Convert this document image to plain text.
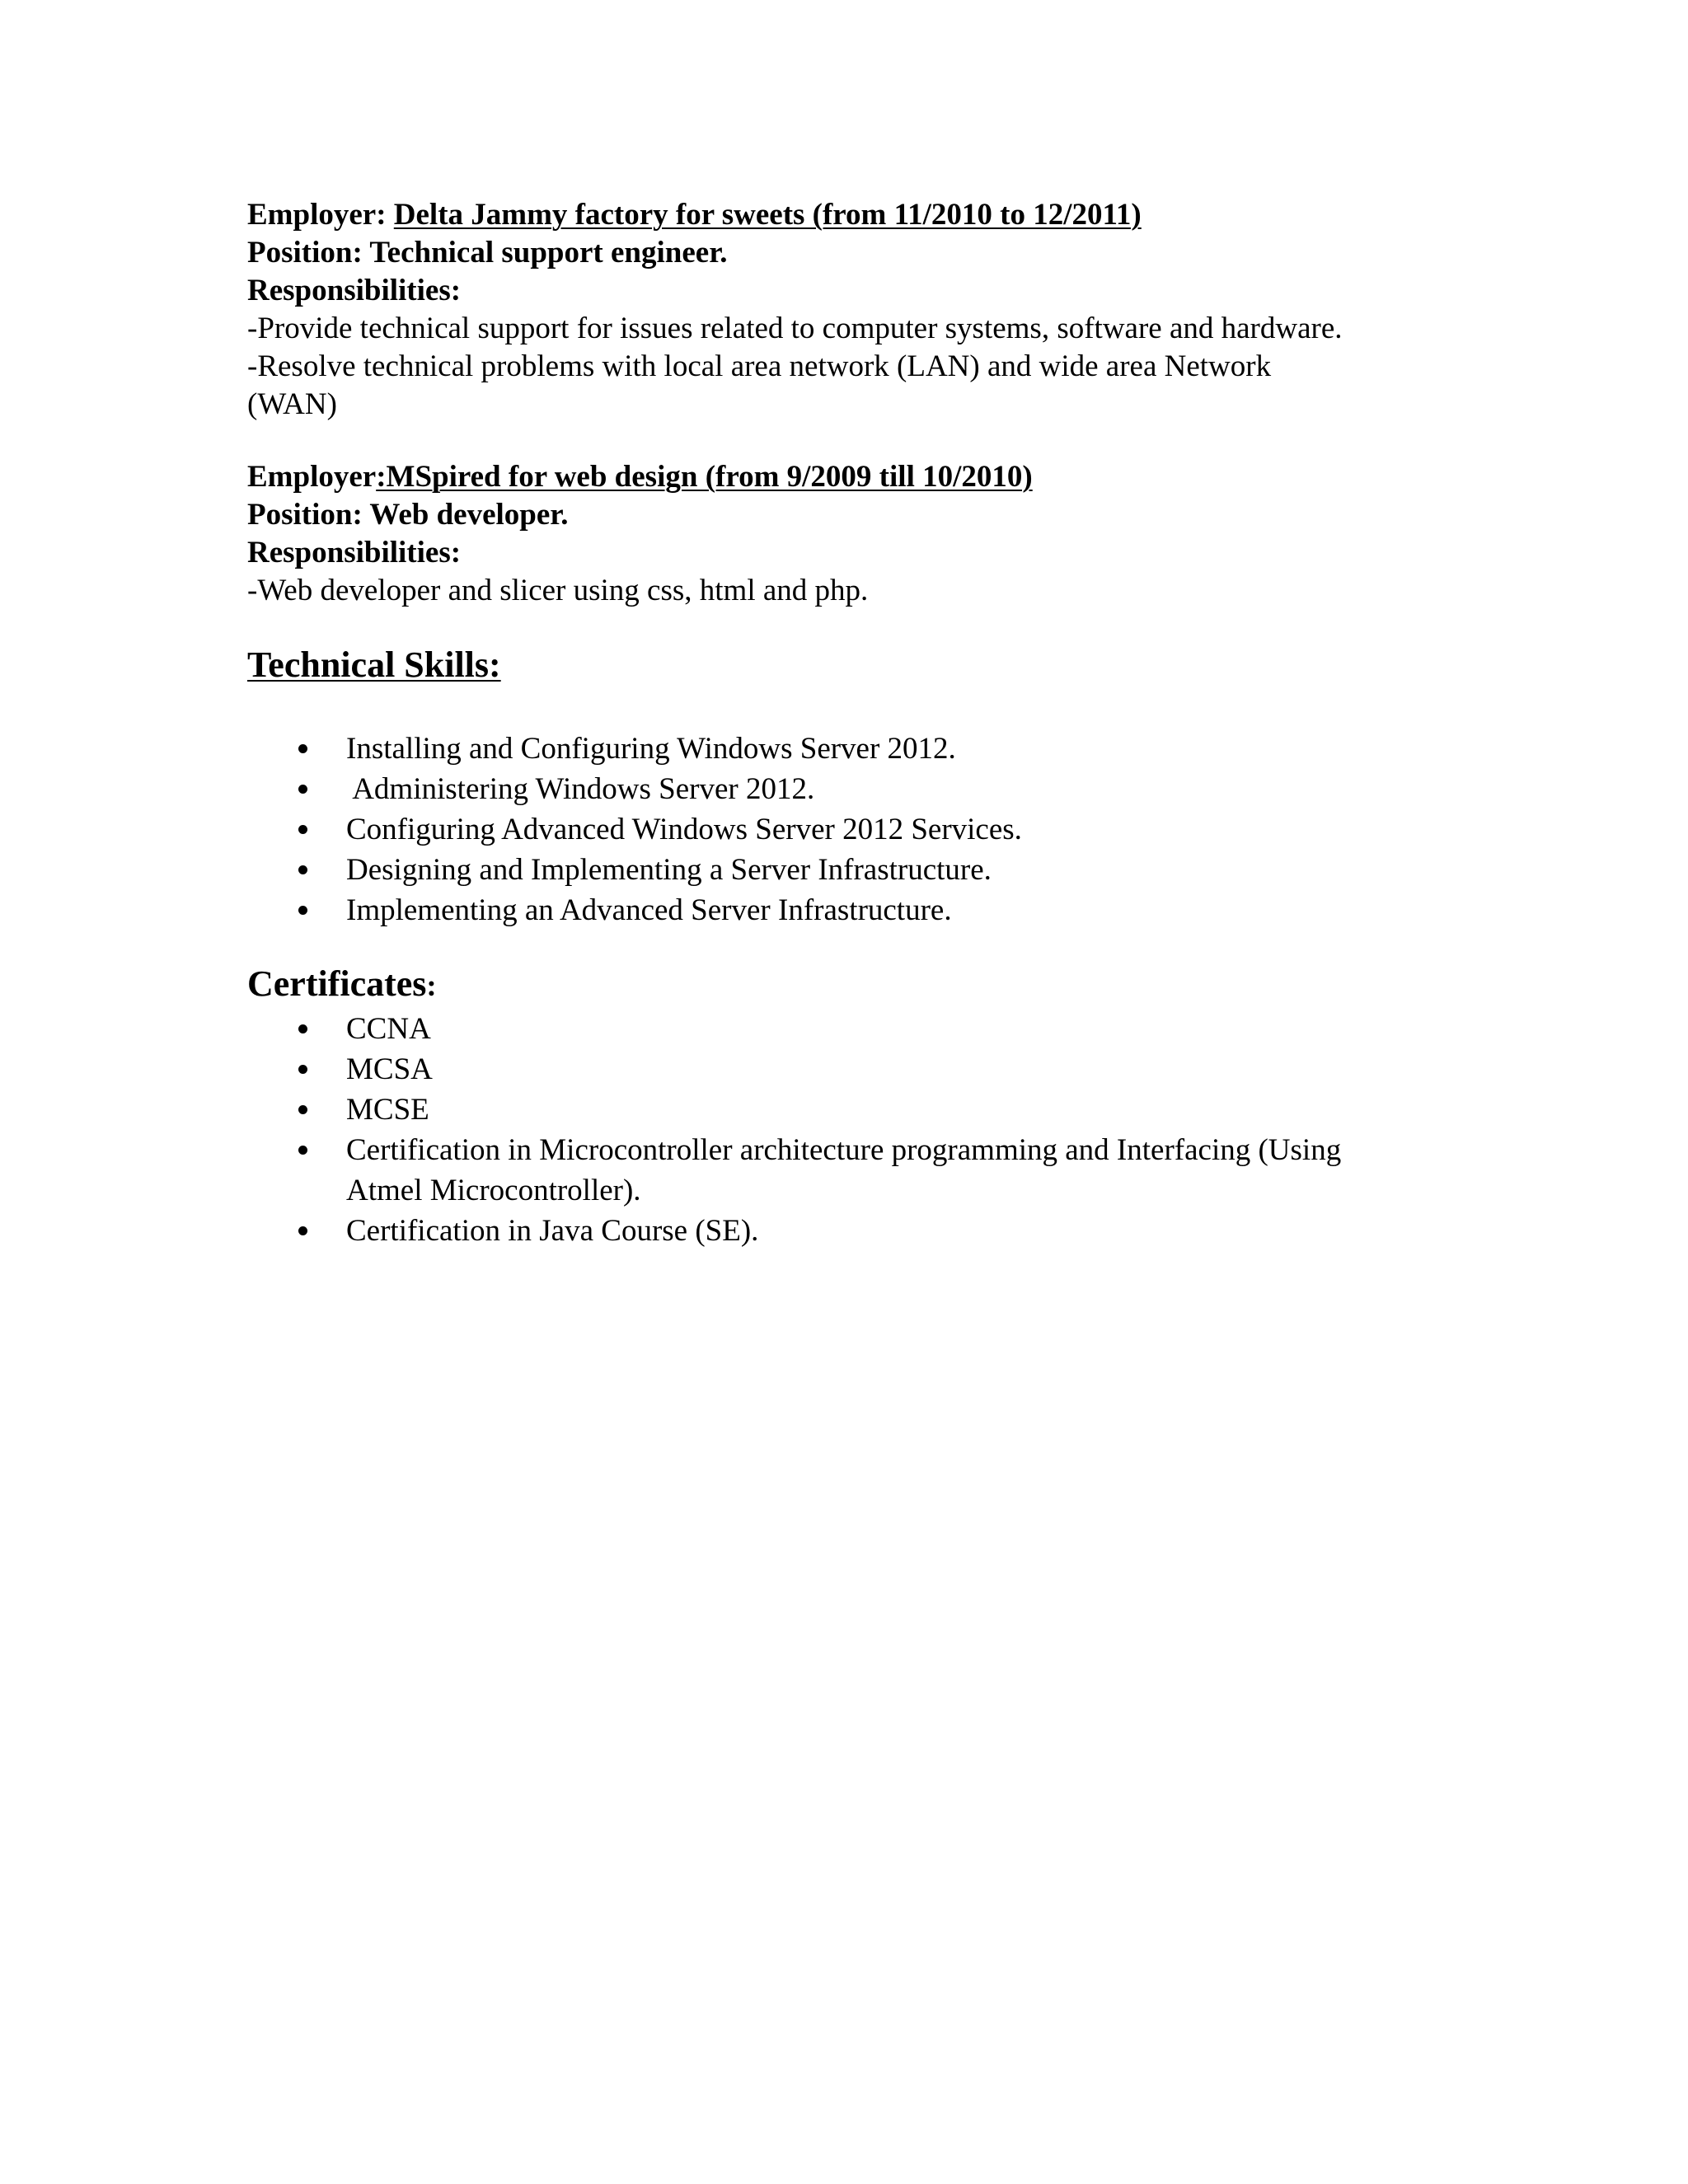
Employer: Delta Jammy factory for sweets (from 11/2010 to 12/2011)
Position: Technical support engineer.
Responsibilities:
-Provide technical support for issues related to computer systems, software and hardware.
-Resolve technical problems with local area network (LAN) and wide area Network
(WAN)
Employer:MSpired for web design (from 9/2009 till 10/2010)
Position: Web developer.
Responsibilities:
-Web developer and slicer using css, html and php.
Technical Skills:
Installing and Configuring Windows Server 2012.
Administering Windows Server 2012.
Configuring Advanced Windows Server 2012 Services.
Designing and Implementing a Server Infrastructure.
Implementing an Advanced Server Infrastructure.
Certificates:
CCNA
MCSA
MCSE
Certification in Microcontroller architecture programming and Interfacing (Using
Atmel Microcontroller).
Certification in Java Course (SE).
